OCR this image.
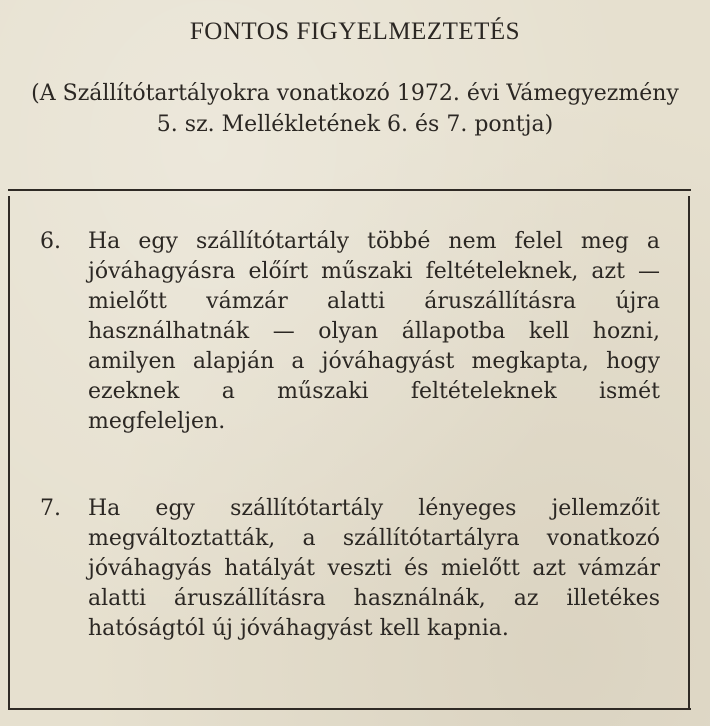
FONTOS FIGYELMEZTETÉS
(A Szállítótartályokra vonatkozó 1972. évi Vámegyezmény 5. sz. Mellékletének 6. és 7. pontja)
6.	Ha egy szállítótartály többé nem felel meg a jóváhagyásra előírt műszaki feltételeknek, azt — mielőtt vámzár alatti áruszállításra újra használhatnák — olyan állapotba kell hozni, amilyen alapján a jóváhagyást megkapta, hogy ezeknek a műszaki feltételeknek ismét megfeleljen.
7.	Ha egy szállítótartály lényeges jellemzőit megváltoztatták, a szállítótartályra vonatkozó jóváhagyás hatályát veszti és mielőtt azt vámzár alatti áruszállításra használnák, az illetékes hatóságtól új jóváhagyást kell kapnia.
